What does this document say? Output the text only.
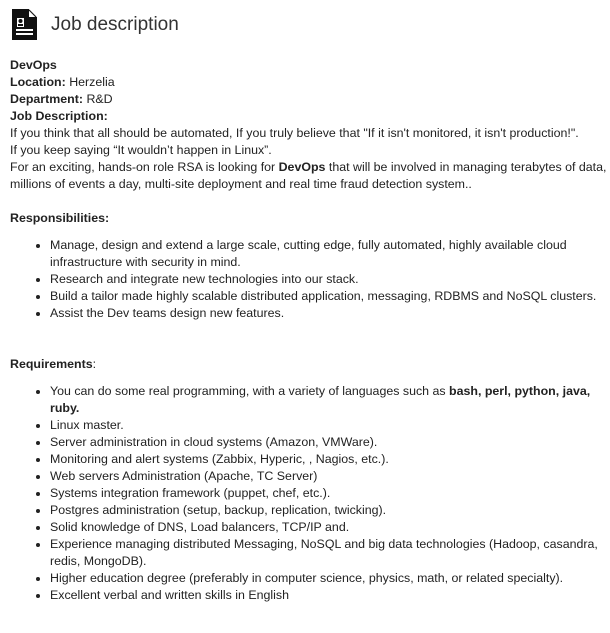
Job description

DevOps

Location: Herzelia

Department: R&D

Job Description:

If you think that all should be automated, If you truly believe that "If it isn't monitored, it isn't production!".

If you keep saying “It wouldn’t happen in Linux”.

For an exciting, hands-on role RSA is looking for DevOps that will be involved in managing terabytes of data, millions of events a day, multi-site deployment and real time fraud detection system..

Responsibilities:

• Manage, design and extend a large scale, cutting edge, fully automated, highly available cloud infrastructure with security in mind.
• Research and integrate new technologies into our stack.
• Build a tailor made highly scalable distributed application, messaging, RDBMS and NoSQL clusters.
• Assist the Dev teams design new features.

Requirements:

• You can do some real programming, with a variety of languages such as bash, perl, python, java, ruby.
• Linux master.
• Server administration in cloud systems (Amazon, VMWare).
• Monitoring and alert systems (Zabbix, Hyperic, , Nagios, etc.).
• Web servers Administration (Apache, TC Server)
• Systems integration framework (puppet, chef, etc.).
• Postgres administration (setup, backup, replication, twicking).
• Solid knowledge of DNS, Load balancers, TCP/IP and.
• Experience managing distributed Messaging, NoSQL and big data technologies (Hadoop, casandra, redis, MongoDB).
• Higher education degree (preferably in computer science, physics, math, or related specialty).
• Excellent verbal and written skills in English
